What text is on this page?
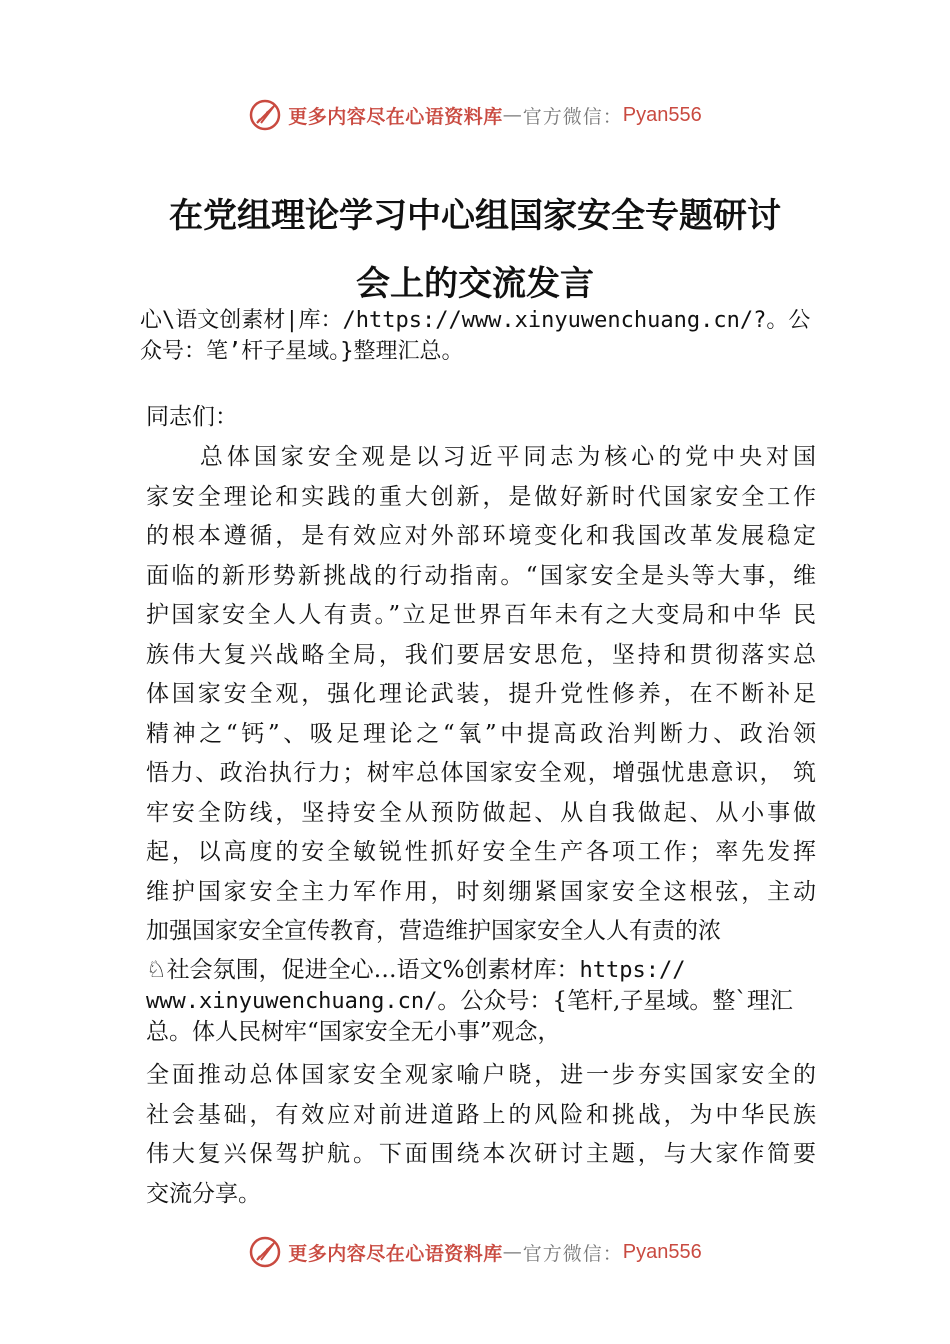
更多内容尽在心语资料库 — 官方微信： Pyan556
在党组理论学习中心组国家安全专题研讨
会上的交流发言
心\语文创素材|库：/https://www.xinyuwenchuang.cn/?。公
众号：笔’杆子星域。}整理汇总。
同志们：
　　总体国家安全观是以习近平同志为核心的党中央对国
家安全理论和实践的重大创新，是做好新时代国家安全工作
的根本遵循，是有效应对外部环境变化和我国改革发展稳定
面临的新形势新挑战的行动指南。“国家安全是头等大事，维
护国家安全人人有责。”立足世界百年未有之大变局和中华 民
族伟大复兴战略全局，我们要居安思危，坚持和贯彻落实总
体国家安全观，强化理论武装，提升党性修养，在不断补足
精神之“钙”、吸足理论之“氧”中提高政治判断力、政治领
悟力、政治执行力；树牢总体国家安全观，增强忧患意识， 筑
牢安全防线，坚持安全从预防做起、从自我做起、从小事做
起，以高度的安全敏锐性抓好安全生产各项工作；率先发挥
维护国家安全主力军作用，时刻绷紧国家安全这根弦，主动
加强国家安全宣传教育，营造维护国家安全人人有责的浓
♘社会氛围，促进全心…语文%创素材库：https://
www.xinyuwenchuang.cn/。公众号：{笔杆,子星域。整`理汇
总。体人民树牢“国家安全无小事”观念，
全面推动总体国家安全观家喻户晓，进一步夯实国家安全的
社会基础，有效应对前进道路上的风险和挑战，为中华民族
伟大复兴保驾护航。下面围绕本次研讨主题，与大家作简要
交流分享。
更多内容尽在心语资料库 — 官方微信： Pyan556
